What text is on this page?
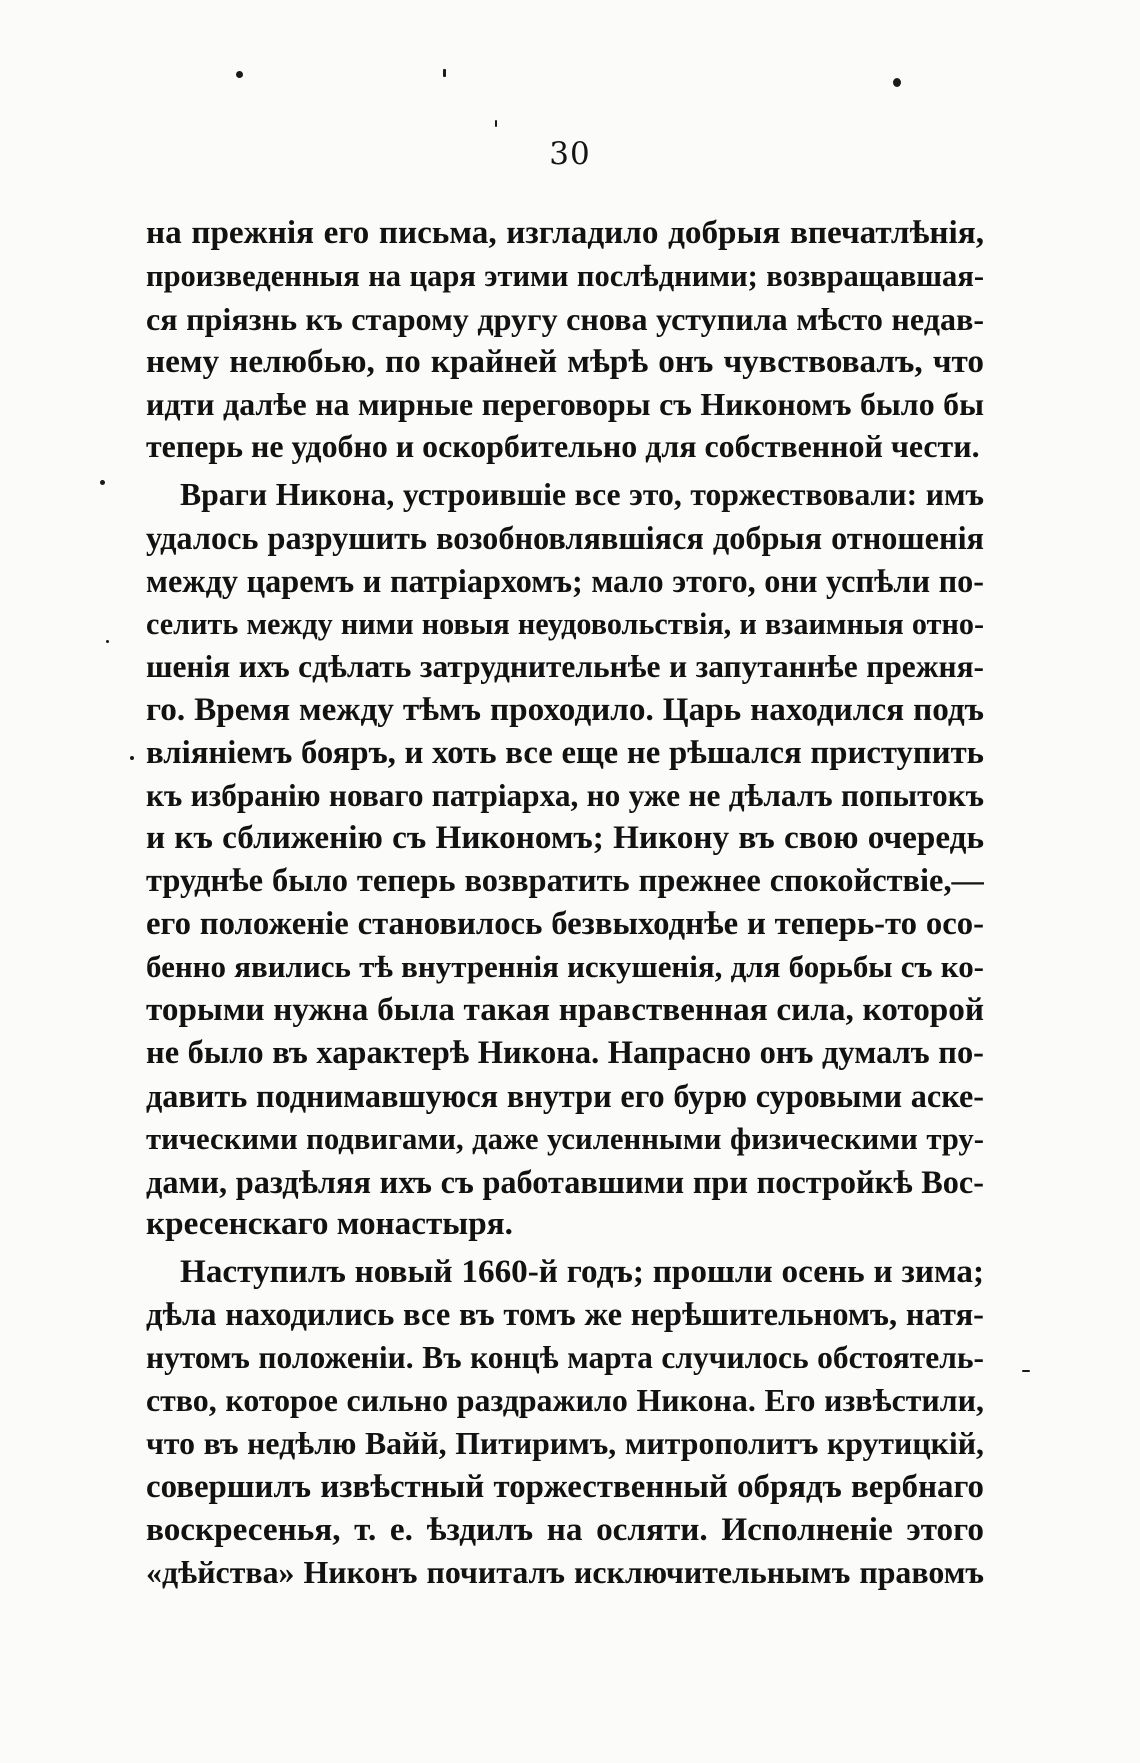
30
на прежнія его письма, изгладило добрыя впечатлѣнія,
произведенныя на царя этими послѣдними; возвращавшая-
ся пріязнь къ старому другу снова уступила мѣсто недав-
нему нелюбью, по крайней мѣрѣ онъ чувствовалъ, что
идти далѣе на мирные переговоры съ Никономъ было бы
теперь не удобно и оскорбительно для собственной чести.
Враги Никона, устроившіе все это, торжествовали: имъ
удалось разрушить возобновлявшіяся добрыя отношенія
между царемъ и патріархомъ; мало этого, они успѣли по-
селить между ними новыя неудовольствія, и взаимныя отно-
шенія ихъ сдѣлать затруднительнѣе и запутаннѣе прежня-
го. Время между тѣмъ проходило. Царь находился подъ
вліяніемъ бояръ, и хоть все еще не рѣшался приступить
къ избранію новаго патріарха, но уже не дѣлалъ попытокъ
и къ сближенію съ Никономъ; Никону въ свою очередь
труднѣе было теперь возвратить прежнее спокойствіе,—
его положеніе становилось безвыходнѣе и теперь-то осо-
бенно явились тѣ внутреннія искушенія, для борьбы съ ко-
торыми нужна была такая нравственная сила, которой
не было въ характерѣ Никона. Напрасно онъ думалъ по-
давить поднимавшуюся внутри его бурю суровыми аске-
тическими подвигами, даже усиленными физическими тру-
дами, раздѣляя ихъ съ работавшими при постройкѣ Вос-
кресенскаго монастыря.
Наступилъ новый 1660-й годъ; прошли осень и зима;
дѣла находились все въ томъ же нерѣшительномъ, натя-
нутомъ положеніи. Въ концѣ марта случилось обстоятель-
ство, которое сильно раздражило Никона. Его извѣстили,
что въ недѣлю Вайй, Питиримъ, митрополитъ крутицкій,
совершилъ извѣстный торжественный обрядъ вербнаго
воскресенья, т. е. ѣздилъ на осляти. Исполненіе этого
«дѣйства» Никонъ почиталъ исключительнымъ правомъ
